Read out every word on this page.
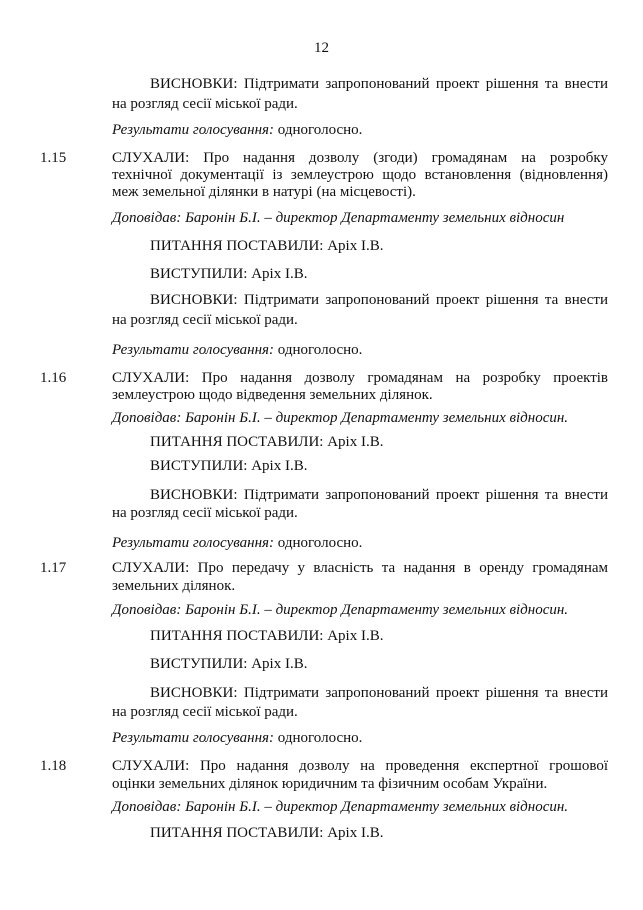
12
ВИСНОВКИ: Підтримати запропонований проект рішення та внести
на розгляд сесії міської ради.
Результати голосування: одноголосно.
1.15	СЛУХАЛИ: Про надання дозволу (згоди) громадянам на розробку
технічної документації із землеустрою щодо встановлення (відновлення)
меж земельної ділянки в натурі (на місцевості).
Доповідав: Баронін Б.І. – директор Департаменту земельних відносин
ПИТАННЯ ПОСТАВИЛИ: Аріх І.В.
ВИСТУПИЛИ: Аріх І.В.
ВИСНОВКИ: Підтримати запропонований проект рішення та внести
на розгляд сесії міської ради.
Результати голосування: одноголосно.
1.16	СЛУХАЛИ: Про надання дозволу громадянам на розробку проектів
землеустрою щодо відведення земельних ділянок.
Доповідав: Баронін Б.І. – директор Департаменту земельних відносин.
ПИТАННЯ ПОСТАВИЛИ: Аріх І.В.
ВИСТУПИЛИ: Аріх І.В.
ВИСНОВКИ: Підтримати запропонований проект рішення та внести
на розгляд сесії міської ради.
Результати голосування: одноголосно.
1.17	СЛУХАЛИ: Про передачу у власність та надання в оренду громадянам
земельних ділянок.
Доповідав: Баронін Б.І. – директор Департаменту земельних відносин.
ПИТАННЯ ПОСТАВИЛИ: Аріх І.В.
ВИСТУПИЛИ: Аріх І.В.
ВИСНОВКИ: Підтримати запропонований проект рішення та внести
на розгляд сесії міської ради.
Результати голосування: одноголосно.
1.18	СЛУХАЛИ: Про надання дозволу на проведення експертної грошової
оцінки земельних ділянок юридичним та фізичним особам України.
Доповідав: Баронін Б.І. – директор Департаменту земельних відносин.
ПИТАННЯ ПОСТАВИЛИ: Аріх І.В.
